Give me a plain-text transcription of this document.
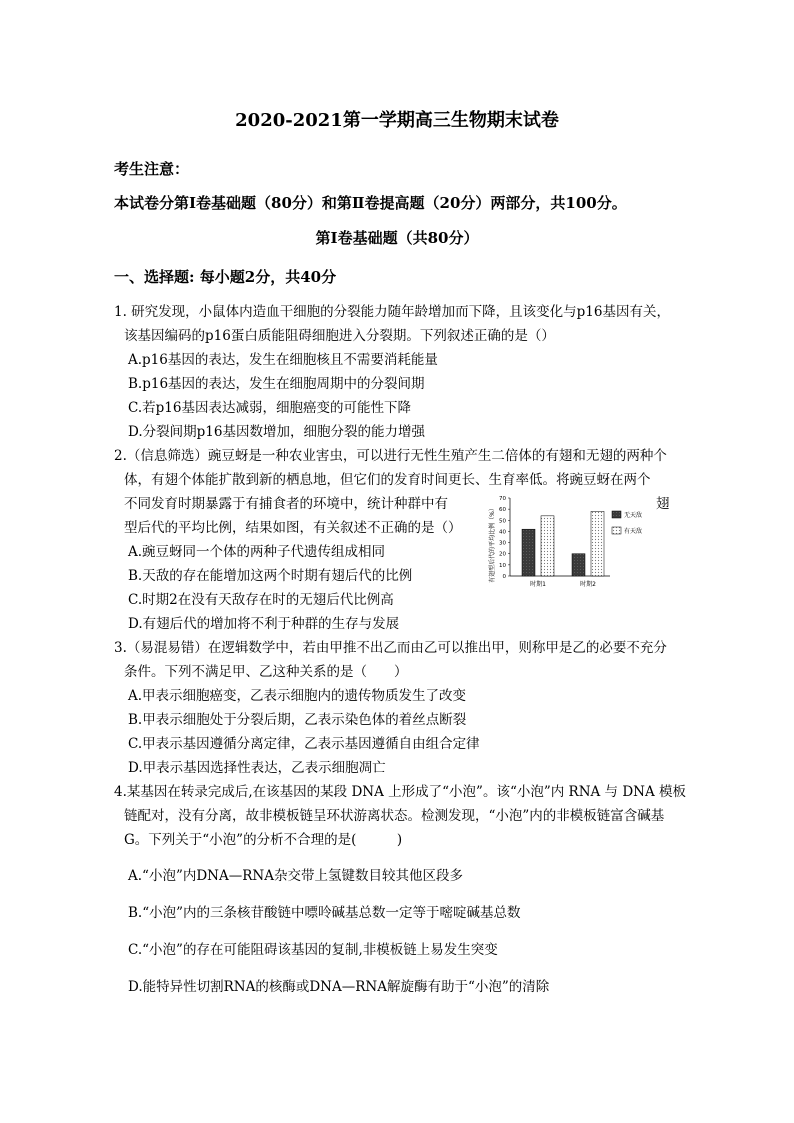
2020-2021第一学期高三生物期末试卷
考生注意：
本试卷分第Ⅰ卷基础题（80分）和第Ⅱ卷提高题（20分）两部分，共100分。
第Ⅰ卷基础题（共80分）
一、选择题: 每小题2分，共40分
1. 研究发现，小鼠体内造血干细胞的分裂能力随年龄增加而下降，且该变化与p16基因有关，
该基因编码的p16蛋白质能阻碍细胞进入分裂期。下列叙述正确的是（）
A.p16基因的表达，发生在细胞核且不需要消耗能量
B.p16基因的表达，发生在细胞周期中的分裂间期
C.若p16基因表达减弱，细胞癌变的可能性下降
D.分裂间期p16基因数增加，细胞分裂的能力增强
2.（信息筛选）豌豆蚜是一种农业害虫，可以进行无性生殖产生二倍体的有翅和无翅的两种个
体，有翅个体能扩散到新的栖息地，但它们的发育时间更长、生育率低。将豌豆蚜在两个
不同发育时期暴露于有捕食者的环境中，统计种群中有	翅
型后代的平均比例，结果如图，有关叙述不正确的是（）
A.豌豆蚜同一个体的两种子代遗传组成相同
B.天敌的存在能增加这两个时期有翅后代的比例
C.时期2在没有天敌存在时的无翅后代比例高
D.有翅后代的增加将不利于种群的生存与发展
有翅型后代的平均比例（%） 0
10
20
30
40
50
60
70
时期1	时期2
无天敌
有天敌
3.（易混易错）在逻辑数学中，若由甲推不出乙而由乙可以推出甲，则称甲是乙的必要不充分
条件。下列不满足甲、乙这种关系的是（　　）
A.甲表示细胞癌变，乙表示细胞内的遗传物质发生了改变
B.甲表示细胞处于分裂后期，乙表示染色体的着丝点断裂
C.甲表示基因遵循分离定律，乙表示基因遵循自由组合定律
D.甲表示基因选择性表达，乙表示细胞凋亡
4.某基因在转录完成后,在该基因的某段 DNA 上形成了“小泡”。该“小泡”内 RNA 与 DNA 模板
链配对，没有分离，故非模板链呈环状游离状态。检测发现，“小泡”内的非模板链富含碱基
G。下列关于“小泡”的分析不合理的是(　　　)
A.“小泡”内DNA—RNA杂交带上氢键数目较其他区段多
B.“小泡”内的三条核苷酸链中嘌呤碱基总数一定等于嘧啶碱基总数
C.“小泡”的存在可能阻碍该基因的复制,非模板链上易发生突变
D.能特异性切割RNA的核酶或DNA—RNA解旋酶有助于“小泡”的清除
